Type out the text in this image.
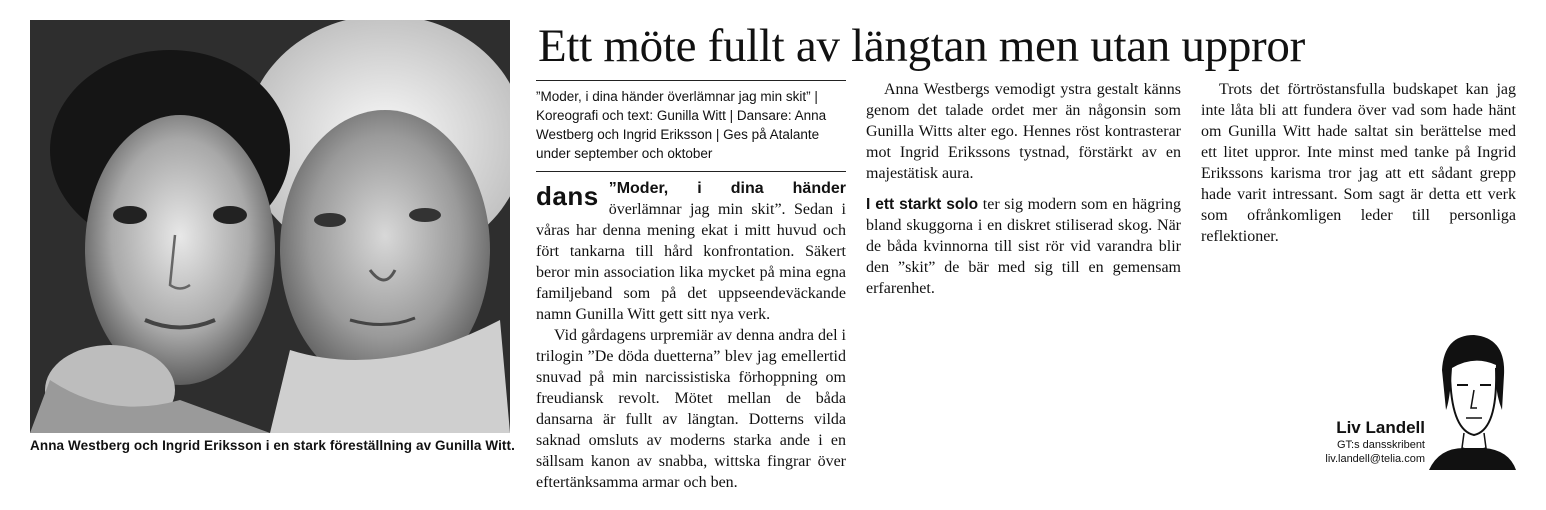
Anna Westberg och Ingrid Eriksson i en stark föreställning av Gunilla Witt.
Ett möte fullt av längtan men utan uppror
”Moder, i dina händer överlämnar jag min skit” | Koreografi och text: Gunilla Witt | Dansare: Anna Westberg och Ingrid Eriksson | Ges på Atalante under september och oktober

”Moder, i dina händer
dans överlämnar jag min skit”. Sedan i våras har denna mening ekat i mitt huvud och fört tankarna till hård konfrontation. Säkert beror min association lika mycket på mina egna familjeband som på det uppseendeväckande namn Gunilla Witt gett sitt nya verk.

Vid gårdagens urpremiär av denna andra del i trilogin ”De döda duetterna” blev jag emellertid snuvad på min narcissistiska förhoppning om freudiansk revolt. Mötet mellan de båda dansarna är fullt av längtan. Dotterns vilda saknad omsluts av moderns starka ande i en sällsam kanon av snabba, wittska fingrar över eftertänksamma armar och ben.

Anna Westbergs vemodigt ystra gestalt känns genom det talade ordet mer än någonsin som Gunilla Witts alter ego. Hennes röst kontrasterar mot Ingrid Erikssons tystnad, förstärkt av en majestätisk aura.

I ett starkt solo ter sig modern som en hägring bland skuggorna i en diskret stiliserad skog. När de båda kvinnorna till sist rör vid varandra blir den ”skit” de bär med sig till en gemensam erfarenhet.

Trots det förtröstansfulla budskapet kan jag inte låta bli att fundera över vad som hade hänt om Gunilla Witt hade saltat sin berättelse med ett litet uppror. Inte minst med tanke på Ingrid Erikssons karisma tror jag att ett sådant grepp hade varit intressant. Som sagt är detta ett verk som ofrånkomligen leder till personliga reflektioner.

Liv Landell
GT:s dansskribent
liv.landell@telia.com
